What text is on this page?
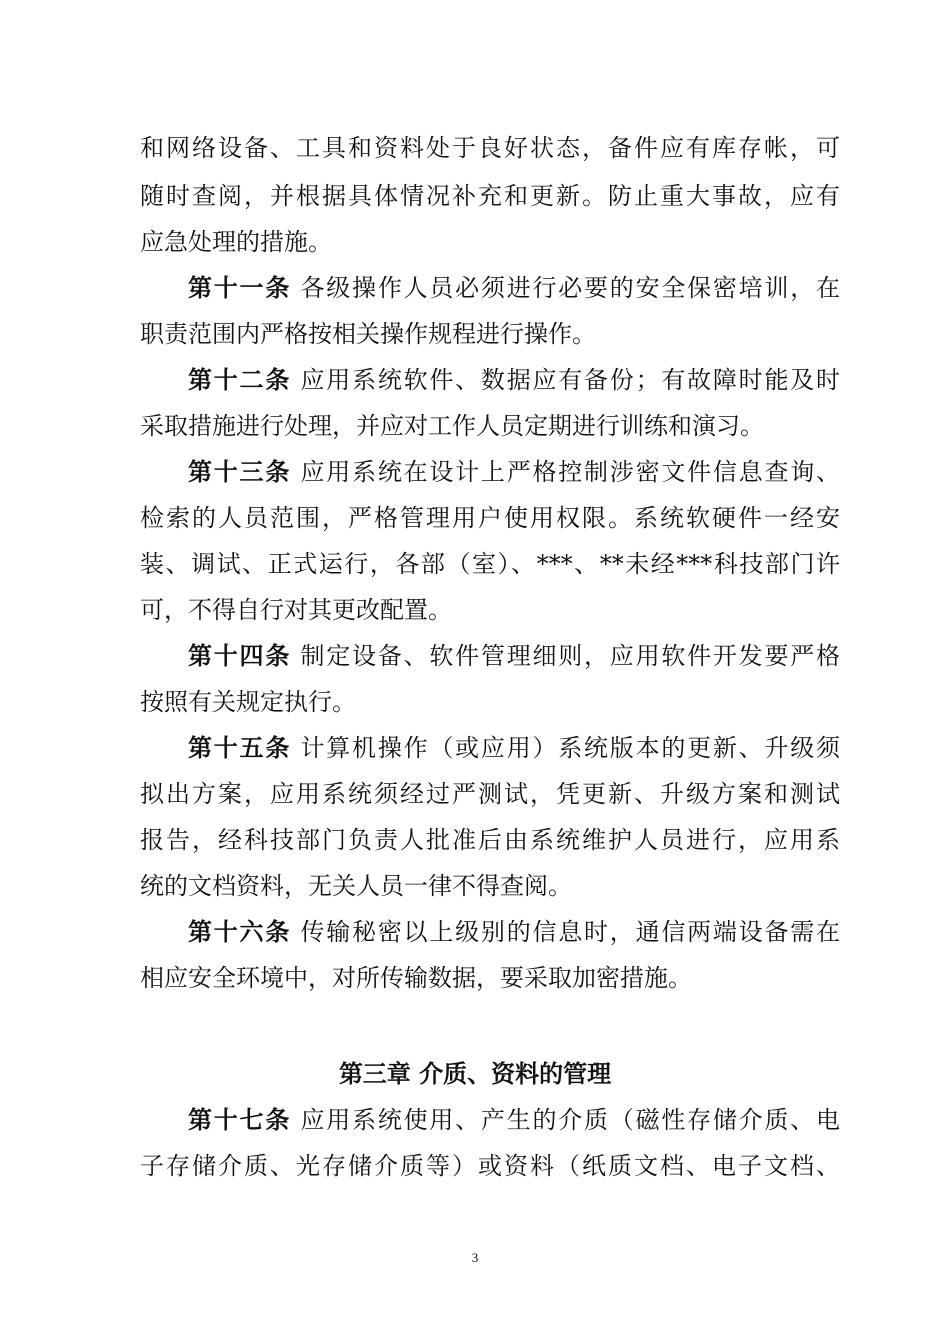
和网络设备、工具和资料处于良好状态，备件应有库存帐，可
随时查阅，并根据具体情况补充和更新。防止重大事故，应有
应急处理的措施。
第十一条 各级操作人员必须进行必要的安全保密培训，在
职责范围内严格按相关操作规程进行操作。
第十二条 应用系统软件、数据应有备份；有故障时能及时
采取措施进行处理，并应对工作人员定期进行训练和演习。
第十三条 应用系统在设计上严格控制涉密文件信息查询、
检索的人员范围，严格管理用户使用权限。系统软硬件一经安
装、调试、正式运行，各部（室）、***、**未经***科技部门许
可，不得自行对其更改配置。
第十四条 制定设备、软件管理细则，应用软件开发要严格
按照有关规定执行。
第十五条 计算机操作（或应用）系统版本的更新、升级须
拟出方案，应用系统须经过严测试，凭更新、升级方案和测试
报告，经科技部门负责人批准后由系统维护人员进行，应用系
统的文档资料，无关人员一律不得查阅。
第十六条 传输秘密以上级别的信息时，通信两端设备需在
相应安全环境中，对所传输数据，要采取加密措施。
第三章 介质、资料的管理
第十七条 应用系统使用、产生的介质（磁性存储介质、电
子存储介质、光存储介质等）或资料（纸质文档、电子文档、
3
